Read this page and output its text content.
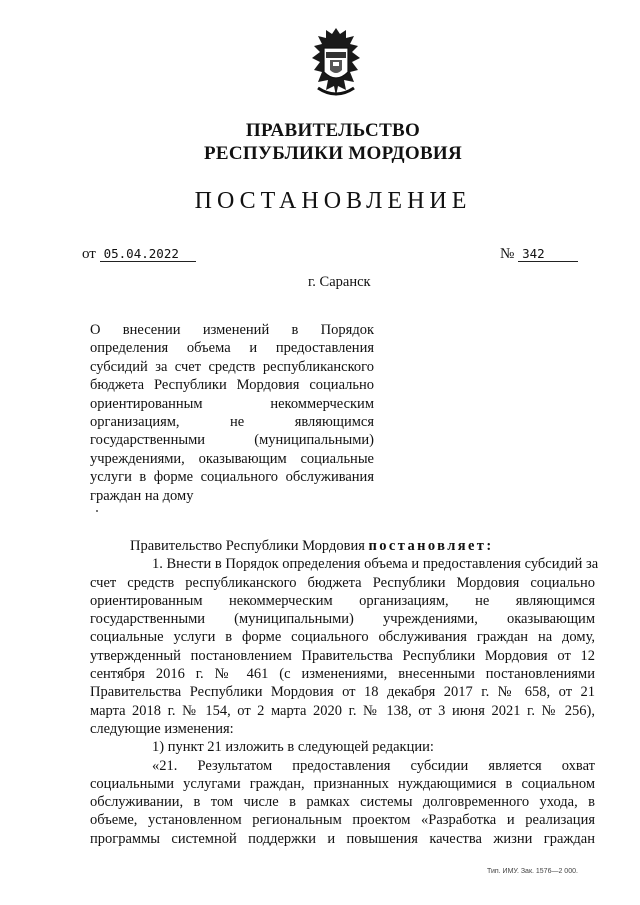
ПРАВИТЕЛЬСТВО
РЕСПУБЛИКИ МОРДОВИЯ
ПОСТАНОВЛЕНИЕ
от 05.04.2022	№ 342
г. Саранск
О внесении изменений в Порядок
определения объема и предоставления
субсидий за счет средств республиканского
бюджета Республики Мордовия социально
ориентированным некоммерческим
организациям, не являющимся
государственными (муниципальными)
учреждениями, оказывающим социальные
услуги в форме социального обслуживания
граждан на дому
Правительство Республики Мордовия постановляет:
1. Внести в Порядок определения объема и предоставления субсидий за
счет средств республиканского бюджета Республики Мордовия социально
ориентированным некоммерческим организациям, не являющимся
государственными (муниципальными) учреждениями, оказывающим
социальные услуги в форме социального обслуживания граждан на дому,
утвержденный постановлением Правительства Республики Мордовия от 12
сентября 2016 г. № 461 (с изменениями, внесенными постановлениями
Правительства Республики Мордовия от 18 декабря 2017 г. № 658, от 21
марта 2018 г. № 154, от 2 марта 2020 г. № 138, от 3 июня 2021 г. № 256),
следующие изменения:
1) пункт 21 изложить в следующей редакции:
«21. Результатом предоставления субсидии является охват
социальными услугами граждан, признанных нуждающимися в социальном
обслуживании, в том числе в рамках системы долговременного ухода, в
объеме, установленном региональным проектом «Разработка и реализация
программы системной поддержки и повышения качества жизни граждан
Тип. ИМУ. Зак. 1576—2 000.
